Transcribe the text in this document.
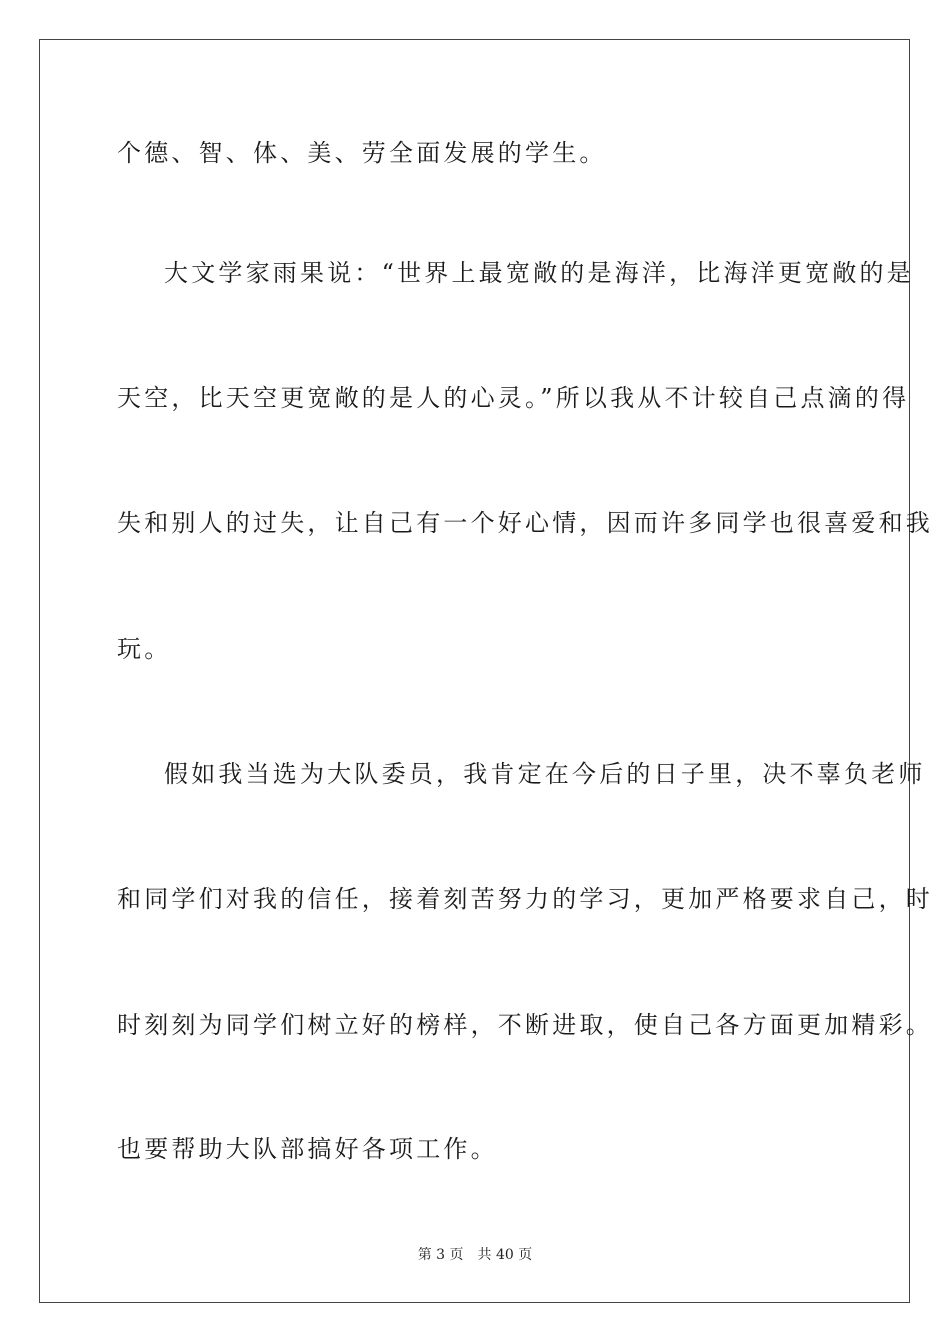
个德、智、体、美、劳全面发展的学生。
大文学家雨果说：“世界上最宽敞的是海洋，比海洋更宽敞的是
天空，比天空更宽敞的是人的心灵。”所以我从不计较自己点滴的得
失和别人的过失，让自己有一个好心情，因而许多同学也很喜爱和我
玩。
假如我当选为大队委员，我肯定在今后的日子里，决不辜负老师
和同学们对我的信任，接着刻苦努力的学习，更加严格要求自己，时
时刻刻为同学们树立好的榜样，不断进取，使自己各方面更加精彩。
也要帮助大队部搞好各项工作。
第 3 页 共 40 页
